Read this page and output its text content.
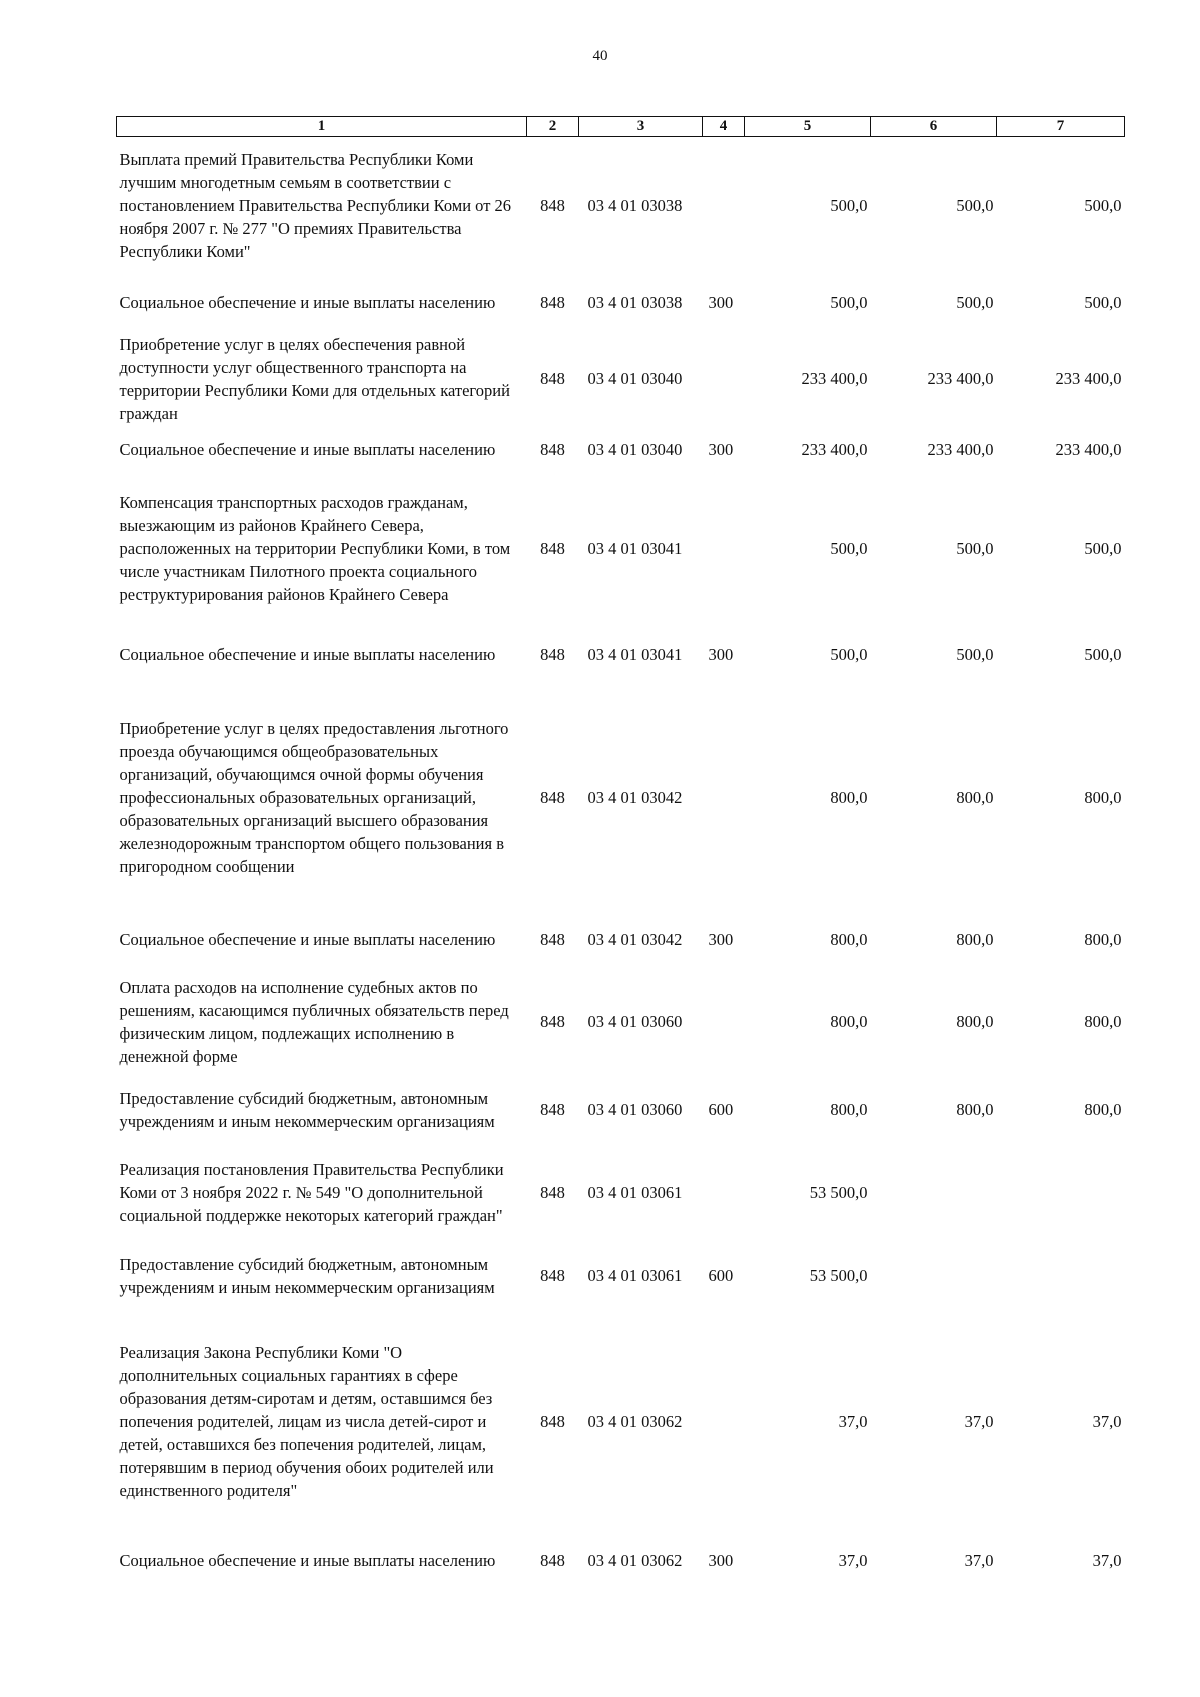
40
1	2	3	4	5	6	7
Выплата премий Правительства Республики Коми лучшим многодетным семьям в соответствии с постановлением Правительства Республики Коми от 26 ноября 2007 г. № 277 "О премиях Правительства Республики Коми"	848	03 4 01 03038		500,0	500,0	500,0
Социальное обеспечение и иные выплаты населению	848	03 4 01 03038	300	500,0	500,0	500,0
Приобретение услуг в целях обеспечения равной доступности услуг общественного транспорта на территории Республики Коми для отдельных категорий граждан	848	03 4 01 03040		233 400,0	233 400,0	233 400,0
Социальное обеспечение и иные выплаты населению	848	03 4 01 03040	300	233 400,0	233 400,0	233 400,0
Компенсация транспортных расходов гражданам, выезжающим из районов Крайнего Севера, расположенных на территории Республики Коми, в том числе участникам Пилотного проекта социального реструктурирования районов Крайнего Севера	848	03 4 01 03041		500,0	500,0	500,0
Социальное обеспечение и иные выплаты населению	848	03 4 01 03041	300	500,0	500,0	500,0
Приобретение услуг в целях предоставления льготного проезда обучающимся общеобразовательных организаций, обучающимся очной формы обучения профессиональных образовательных организаций, образовательных организаций высшего образования железнодорожным транспортом общего пользования в пригородном сообщении	848	03 4 01 03042		800,0	800,0	800,0
Социальное обеспечение и иные выплаты населению	848	03 4 01 03042	300	800,0	800,0	800,0
Оплата расходов на исполнение судебных актов по решениям, касающимся публичных обязательств перед физическим лицом, подлежащих исполнению в денежной форме	848	03 4 01 03060		800,0	800,0	800,0
Предоставление субсидий бюджетным, автономным учреждениям и иным некоммерческим организациям	848	03 4 01 03060	600	800,0	800,0	800,0
Реализация постановления Правительства Республики Коми от 3 ноября 2022 г. № 549 "О дополнительной социальной поддержке некоторых категорий граждан"	848	03 4 01 03061		53 500,0		
Предоставление субсидий бюджетным, автономным учреждениям и иным некоммерческим организациям	848	03 4 01 03061	600	53 500,0		
Реализация Закона Республики Коми "О дополнительных социальных гарантиях в сфере образования детям-сиротам и детям, оставшимся без попечения родителей, лицам из числа детей-сирот и детей, оставшихся без попечения родителей, лицам, потерявшим в период обучения обоих родителей или единственного родителя"	848	03 4 01 03062		37,0	37,0	37,0
Социальное обеспечение и иные выплаты населению	848	03 4 01 03062	300	37,0	37,0	37,0
